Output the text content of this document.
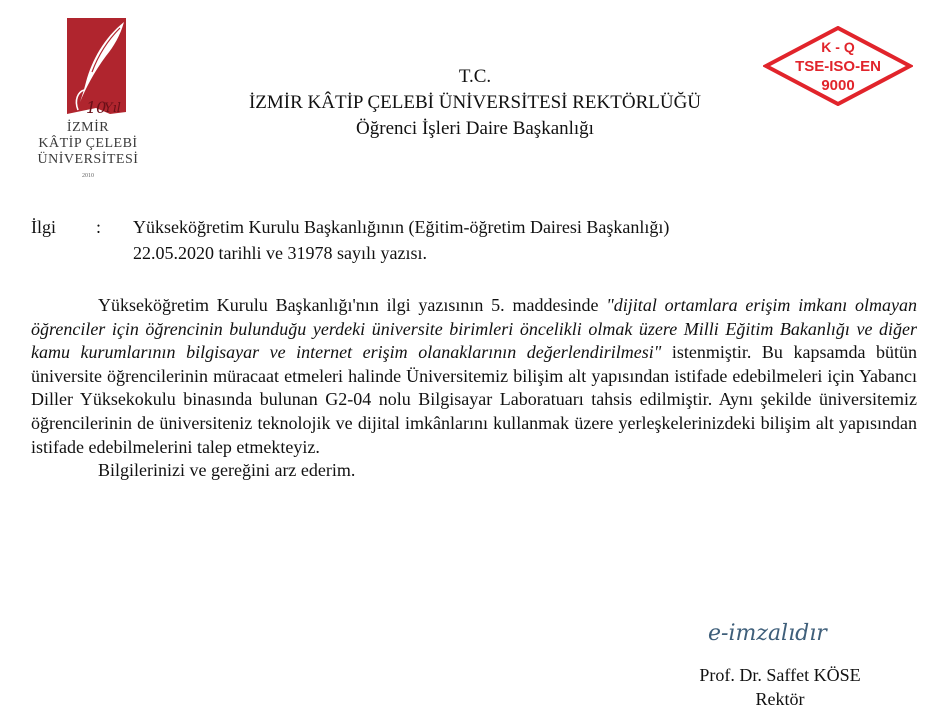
10
Yıl
İZMİR
KÂTİP ÇELEBİ
ÜNİVERSİTESİ
2010
T.C.
İZMİR KÂTİP ÇELEBİ ÜNİVERSİTESİ REKTÖRLÜĞÜ
Öğrenci İşleri Daire Başkanlığı
K - Q
TSE-ISO-EN
9000
İlgi : Yükseköğretim Kurulu Başkanlığının (Eğitim-öğretim Dairesi Başkanlığı)
22.05.2020 tarihli ve 31978 sayılı yazısı.

Yükseköğretim Kurulu Başkanlığı'nın ilgi yazısının 5. maddesinde "dijital ortamlara erişim imkanı olmayan öğrenciler için öğrencinin bulunduğu yerdeki üniversite birimleri öncelikli olmak üzere Milli Eğitim Bakanlığı ve diğer kamu kurumlarının bilgisayar ve internet erişim olanaklarının değerlendirilmesi" istenmiştir. Bu kapsamda bütün üniversite öğrencilerinin müracaat etmeleri halinde Üniversitemiz bilişim alt yapısından istifade edebilmeleri için Yabancı Diller Yüksekokulu binasında bulunan G2-04 nolu Bilgisayar Laboratuarı tahsis edilmiştir. Aynı şekilde üniversitemiz öğrencilerinin de üniversiteniz teknolojik ve dijital imkânlarını kullanmak üzere yerleşkelerinizdeki bilişim alt yapısından istifade edebilmelerini talep etmekteyiz.

Bilgilerinizi ve gereğini arz ederim.

e-imzalıdır
Prof. Dr. Saffet KÖSE
Rektör
